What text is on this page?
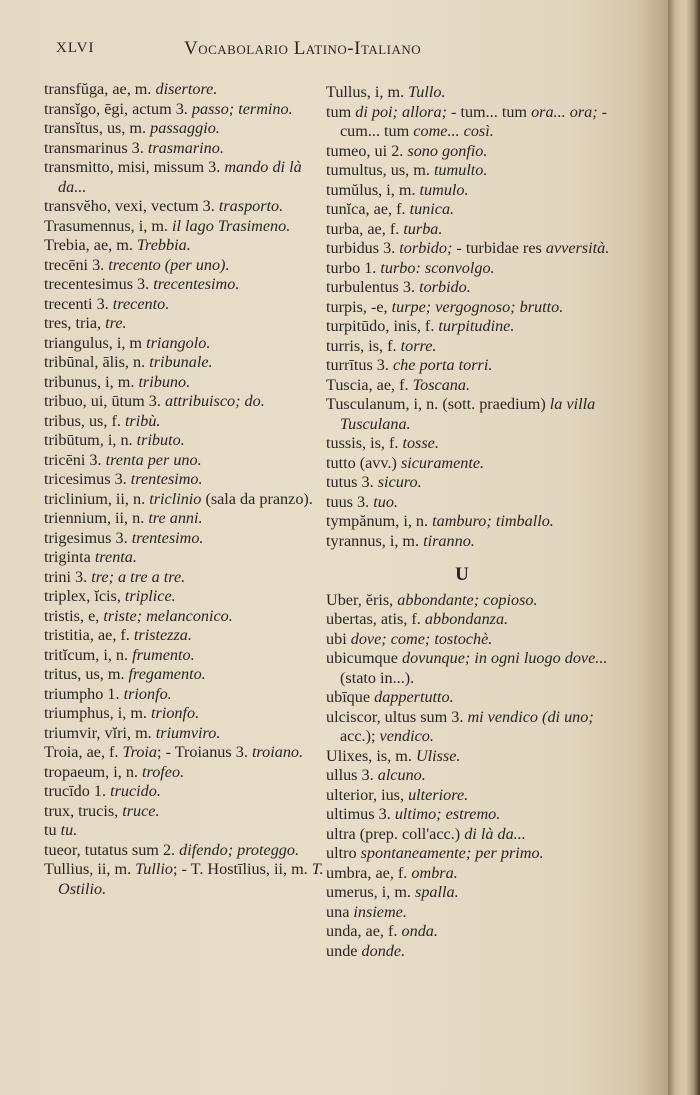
XLVI	Vocabolario Latino-Italiano

transfŭga, ae, m. disertore.

transĭgo, ēgi, actum 3. passo; termino.

transĭtus, us, m. passaggio.

transmarinus 3. trasmarino.

transmitto, misi, missum 3. mando di là da...

transvĕho, vexi, vectum 3. trasporto.

Trasumennus, i, m. il lago Trasimeno.

Trebia, ae, m. Trebbia.

trecēni 3. trecento (per uno).

trecentesimus 3. trecentesimo.

trecenti 3. trecento.

tres, tria, tre.

triangulus, i, m triangolo.

tribūnal, ālis, n. tribunale.

tribunus, i, m. tribuno.

tribuo, ui, ūtum 3. attribuisco; do.

tribus, us, f. tribù.

tribūtum, i, n. tributo.

tricēni 3. trenta per uno.

tricesimus 3. trentesimo.

triclinium, ii, n. triclinio (sala da pranzo).

triennium, ii, n. tre anni.

trigesimus 3. trentesimo.

triginta trenta.

trini 3. tre; a tre a tre.

triplex, ĭcis, triplice.

tristis, e, triste; melanconico.

tristitia, ae, f. tristezza.

tritĭcum, i, n. frumento.

tritus, us, m. fregamento.

triumpho 1. trionfo.

triumphus, i, m. trionfo.

triumvir, vĭri, m. triumviro.

Troia, ae, f. Troia; - Troianus 3. troiano.

tropaeum, i, n. trofeo.

trucīdo 1. trucido.

trux, trucis, truce.

tu tu.

tueor, tutatus sum 2. difendo; proteggo.

Tullius, ii, m. Tullio; - T. Hostīlius, ii, m. T. Ostilio.

Tullus, i, m. Tullo.

tum di poi; allora; - tum... tum ora... ora; - cum... tum come... così.

tumeo, ui 2. sono gonfio.

tumultus, us, m. tumulto.

tumŭlus, i, m. tumulo.

tunĭca, ae, f. tunica.

turba, ae, f. turba.

turbidus 3. torbido; - turbidae res avversità.

turbo 1. turbo: sconvolgo.

turbulentus 3. torbido.

turpis, -e, turpe; vergognoso; brutto.

turpitūdo, inis, f. turpitudine.

turris, is, f. torre.

turrītus 3. che porta torri.

Tuscia, ae, f. Toscana.

Tusculanum, i, n. (sott. praedium) la villa Tusculana.

tussis, is, f. tosse.

tutto (avv.) sicuramente.

tutus 3. sicuro.

tuus 3. tuo.

tympănum, i, n. tamburo; timballo.

tyrannus, i, m. tiranno.

U

Uber, ĕris, abbondante; copioso.

ubertas, atis, f. abbondanza.

ubi dove; come; tostochè.

ubicumque dovunque; in ogni luogo dove... (stato in...).

ubīque dappertutto.

ulciscor, ultus sum 3. mi vendico (di uno; acc.); vendico.

Ulixes, is, m. Ulisse.

ullus 3. alcuno.

ulterior, ius, ulteriore.

ultimus 3. ultimo; estremo.

ultra (prep. coll'acc.) di là da...

ultro spontaneamente; per primo.

umbra, ae, f. ombra.

umerus, i, m. spalla.

una insieme.

unda, ae, f. onda.

unde donde.
